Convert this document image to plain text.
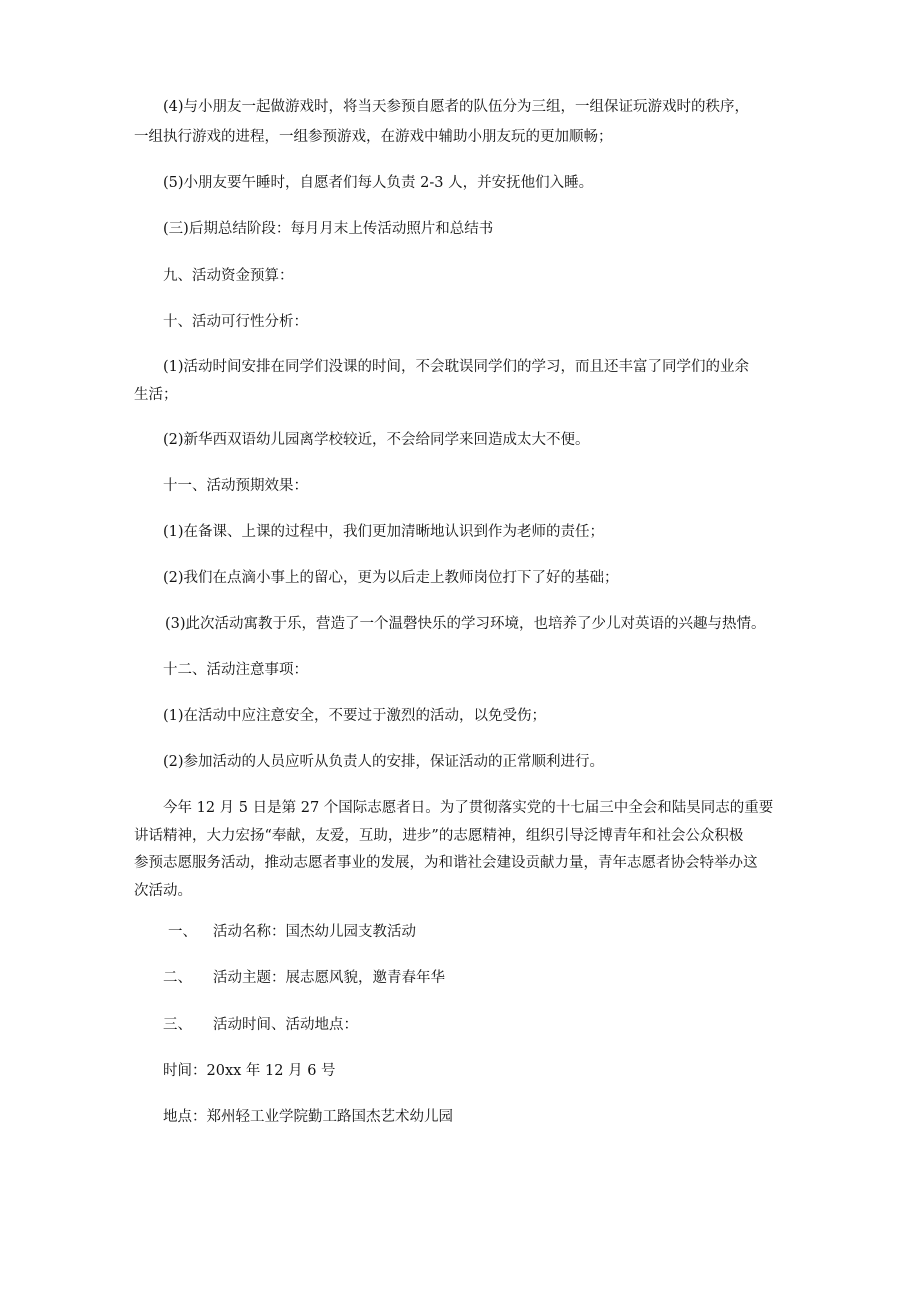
(4)与小朋友一起做游戏时，将当天参预自愿者的队伍分为三组，一组保证玩游戏时的秩序，
一组执行游戏的进程，一组参预游戏，在游戏中辅助小朋友玩的更加顺畅；
(5)小朋友要午睡时，自愿者们每人负责 2-3 人，并安抚他们入睡。
(三)后期总结阶段：每月月末上传活动照片和总结书
九、活动资金预算：
十、活动可行性分析：
(1)活动时间安排在同学们没课的时间，不会耽误同学们的学习，而且还丰富了同学们的业余
生活；
(2)新华西双语幼儿园离学校较近，不会给同学来回造成太大不便。
十一、活动预期效果：
(1)在备课、上课的过程中，我们更加清晰地认识到作为老师的责任；
(2)我们在点滴小事上的留心，更为以后走上教师岗位打下了好的基础；
(3)此次活动寓教于乐，营造了一个温磬快乐的学习环境，也培养了少儿对英语的兴趣与热情。
十二、活动注意事项：
(1)在活动中应注意安全，不要过于激烈的活动，以免受伤；
(2)参加活动的人员应听从负责人的安排，保证活动的正常顺利进行。
今年 12 月 5 日是第 27 个国际志愿者日。为了贯彻落实党的十七届三中全会和陆昊同志的重要
讲话精神，大力宏扬“奉献，友爱，互助，进步”的志愿精神，组织引导泛博青年和社会公众积极
参预志愿服务活动，推动志愿者事业的发展，为和谐社会建设贡献力量，青年志愿者协会特举办这
次活动。
一、 活动名称：国杰幼儿园支教活动
二、 活动主题：展志愿风貌，邀青春年华
三、 活动时间、活动地点：
时间：20xx 年 12 月 6 号
地点：郑州轻工业学院勤工路国杰艺术幼儿园
